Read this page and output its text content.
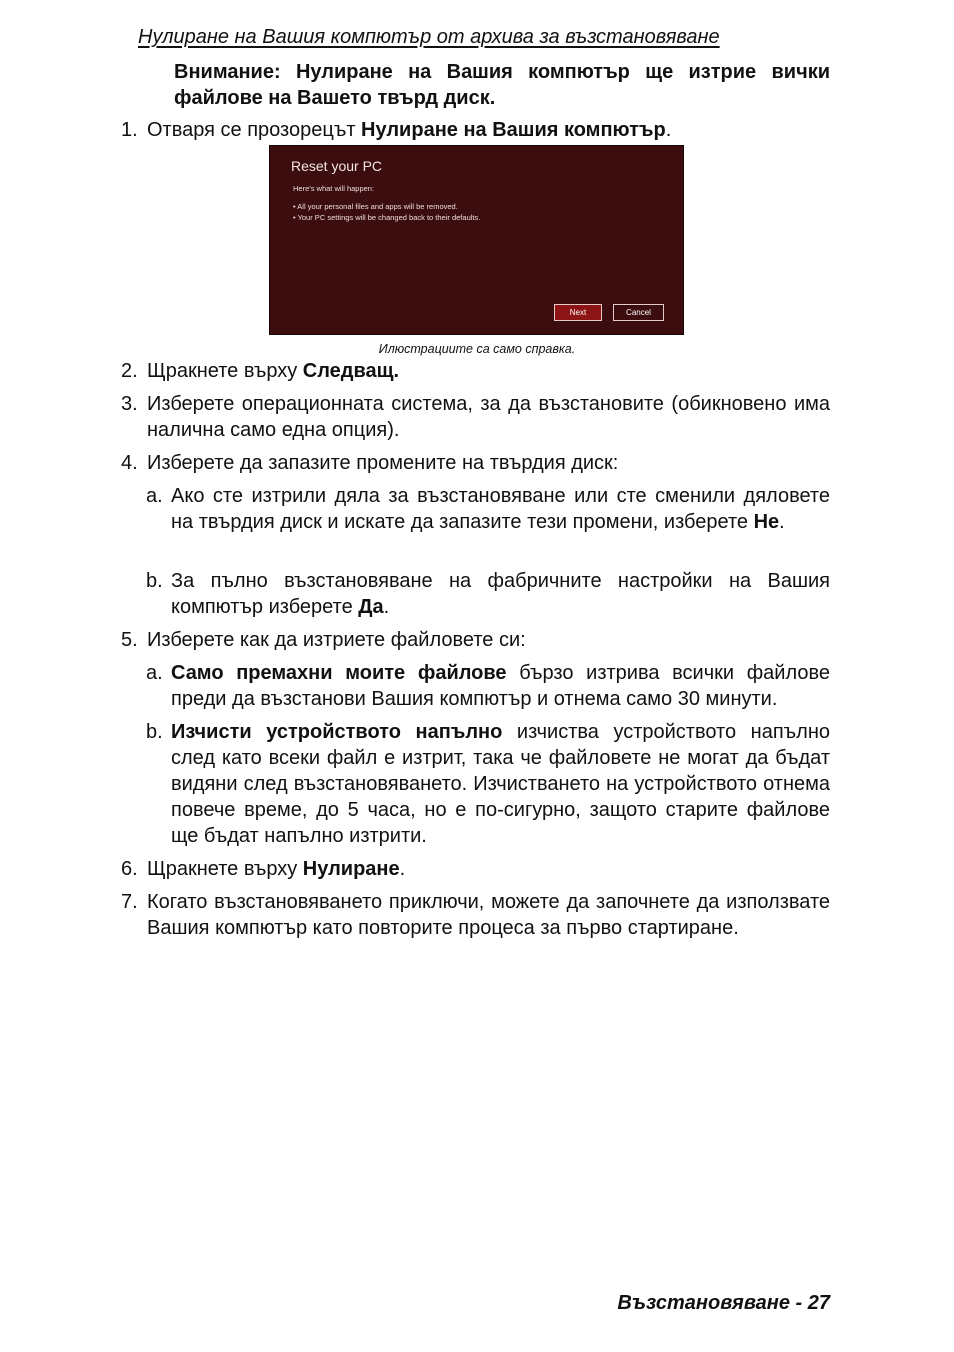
Нулиране на Вашия компютър от архива за възстановяване
Внимание: Нулиране на Вашия компютър ще изтрие вички файлове на Вашето твърд диск.
1. Отваря се прозорецът Нулиране на Вашия компютър.
Reset your PC
Here's what will happen:
• All your personal files and apps will be removed.
• Your PC settings will be changed back to their defaults.
Next	Cancel
Илюстрациите са само справка.
2. Щракнете върху Следващ.
3. Изберете операционната система, за да възстановите (обикновено има налична само една опция).
4. Изберете да запазите промените на твърдия диск:
a. Ако сте изтрили дяла за възстановяване или сте сменили дяловете на твърдия диск и искате да запазите тези промени, изберете Не.
b. За пълно възстановяване на фабричните настройки на Вашия компютър изберете Да.
5. Изберете как да изтриете файловете си:
a. Само премахни моите файлове бързо изтрива всички файлове преди да възстанови Вашия компютър и отнема само 30 минути.
b. Изчисти устройството напълно изчиства устройството напълно след като всеки файл е изтрит, така че файловете не могат да бъдат видяни след възстановяването. Изчистването на устройството отнема повече време, до 5 часа, но е по-сигурно, защото старите файлове ще бъдат напълно изтрити.
6. Щракнете върху Нулиране.
7. Когато възстановяването приключи, можете да започнете да използвате Вашия компютър като повторите процеса за първо стартиране.
Възстановяване - 27
